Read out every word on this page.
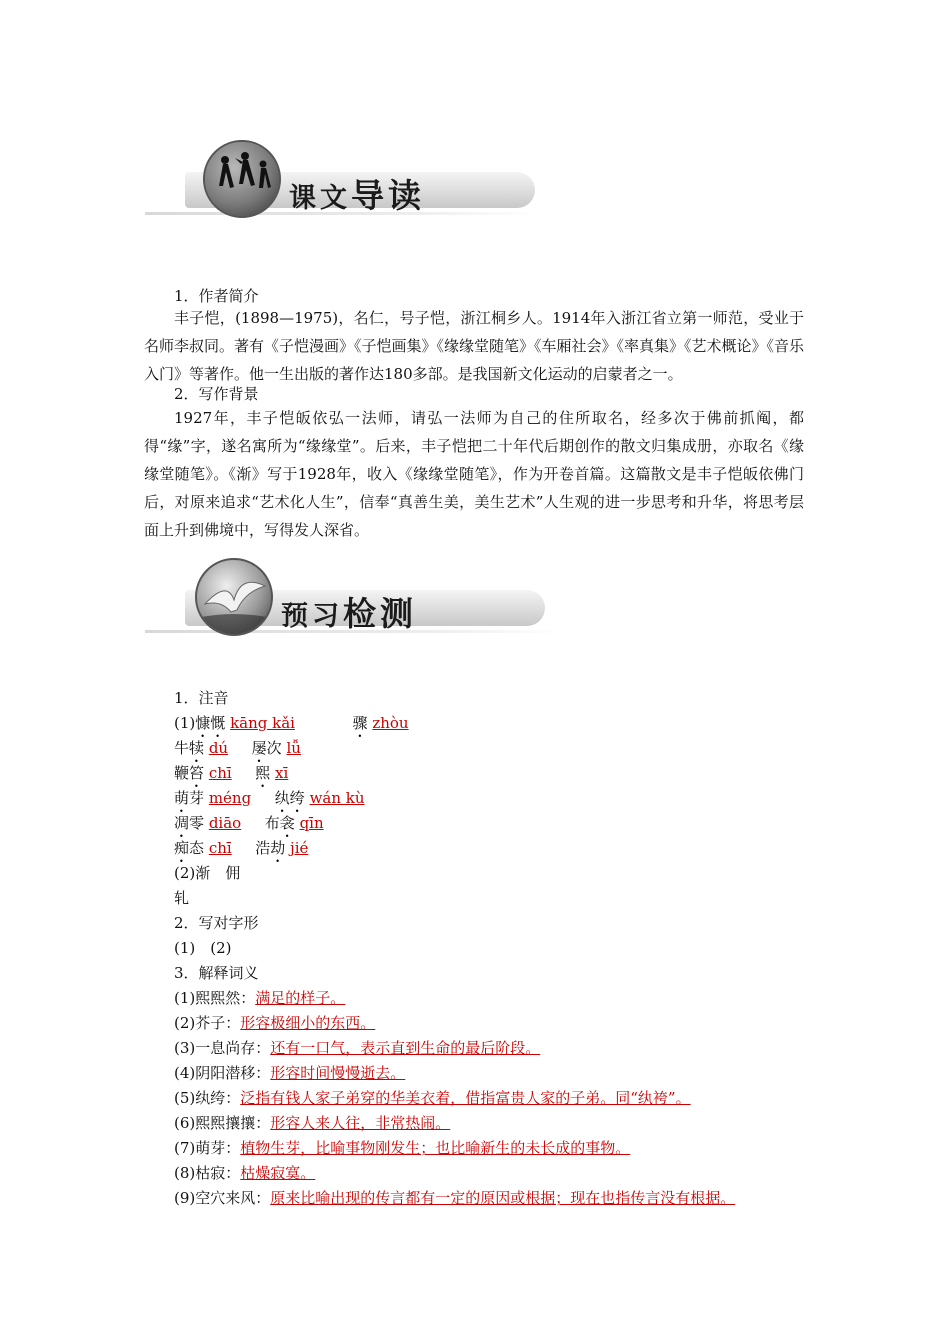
课文导读
1．作者简介

丰子恺，(1898—1975)，名仁，号子恺，浙江桐乡人。1914年入浙江省立第一师范，受业于名师李叔同。著有《子恺漫画》《子恺画集》《缘缘堂随笔》《车厢社会》《率真集》《艺术概论》《音乐入门》等著作。他一生出版的著作达180多部。是我国新文化运动的启蒙者之一。

2．写作背景

1927年，丰子恺皈依弘一法师，请弘一法师为自己的住所取名，经多次于佛前抓阄，都得“缘”字，遂名寓所为“缘缘堂”。后来，丰子恺把二十年代后期创作的散文归集成册，亦取名《缘缘堂随笔》。《渐》写于1928年，收入《缘缘堂随笔》，作为开卷首篇。这篇散文是丰子恺皈依佛门后，对原来追求“艺术化人生”，信奉“真善生美，美生艺术”人生观的进一步思考和升华，将思考层面上升到佛境中，写得发人深省。

预习检测
1．注音
(1)慷慨 kāng kǎi	骤 zhòu
牛犊 dú 屡次 lǚ
鞭笞 chī 熙 xī
萌芽 méng 纨绔 wán kù
凋零 diāo 布衾 qīn
痴态 chī 浩劫 jié
(2)渐　佣
轧
2．写对字形
(1)　(2)
3．解释词义
(1)熙熙然：满足的样子。
(2)芥子：形容极细小的东西。
(3)一息尚存：还有一口气，表示直到生命的最后阶段。
(4)阴阳潜移：形容时间慢慢逝去。
(5)纨绔：泛指有钱人家子弟穿的华美衣着，借指富贵人家的子弟。同“纨袴”。
(6)熙熙攘攘：形容人来人往，非常热闹。
(7)萌芽：植物生芽，比喻事物刚发生；也比喻新生的未长成的事物。
(8)枯寂：枯燥寂寞。
(9)空穴来风：原来比喻出现的传言都有一定的原因或根据；现在也指传言没有根据。
